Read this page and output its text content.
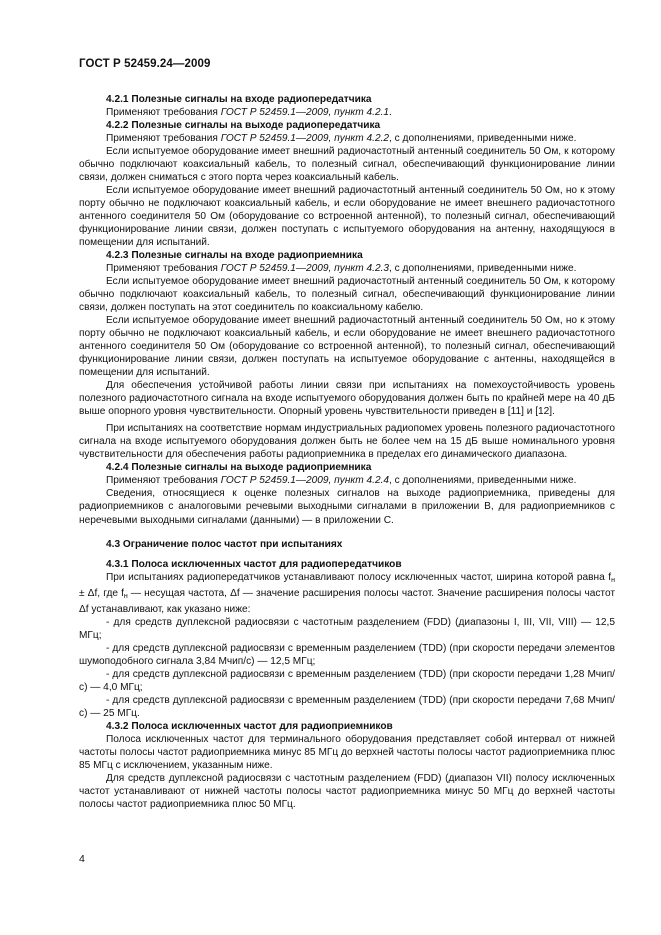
ГОСТ Р 52459.24—2009

4.2.1 Полезные сигналы на входе радиопередатчика

Применяют требования ГОСТ Р 52459.1—2009, пункт 4.2.1.

4.2.2 Полезные сигналы на выходе радиопередатчика

Применяют требования ГОСТ Р 52459.1—2009, пункт 4.2.2, с дополнениями, приведенными ниже.

Если испытуемое оборудование имеет внешний радиочастотный антенный соединитель 50 Ом, к которому обычно подключают коаксиальный кабель, то полезный сигнал, обеспечивающий функционирование линии связи, должен сниматься с этого порта через коаксиальный кабель.

Если испытуемое оборудование имеет внешний радиочастотный антенный соединитель 50 Ом, но к этому порту обычно не подключают коаксиальный кабель, и если оборудование не имеет внешнего радиочастотного антенного соединителя 50 Ом (оборудование со встроенной антенной), то полезный сигнал, обеспечивающий функционирование линии связи, должен поступать с испытуемого оборудования на антенну, находящуюся в помещении для испытаний.

4.2.3 Полезные сигналы на входе радиоприемника

Применяют требования ГОСТ Р 52459.1—2009, пункт 4.2.3, с дополнениями, приведенными ниже.

Если испытуемое оборудование имеет внешний радиочастотный антенный соединитель 50 Ом, к которому обычно подключают коаксиальный кабель, то полезный сигнал, обеспечивающий функционирование линии связи, должен поступать на этот соединитель по коаксиальному кабелю.

Если испытуемое оборудование имеет внешний радиочастотный антенный соединитель 50 Ом, но к этому порту обычно не подключают коаксиальный кабель, и если оборудование не имеет внешнего радиочастотного антенного соединителя 50 Ом (оборудование со встроенной антенной), то полезный сигнал, обеспечивающий функционирование линии связи, должен поступать на испытуемое оборудование с антенны, находящейся в помещении для испытаний.

Для обеспечения устойчивой работы линии связи при испытаниях на помехоустойчивость уровень полезного радиочастотного сигнала на входе испытуемого оборудования должен быть по крайней мере на 40 дБ выше опорного уровня чувствительности. Опорный уровень чувствительности приведен в [11] и [12].

При испытаниях на соответствие нормам индустриальных радиопомех уровень полезного радиочастотного сигнала на входе испытуемого оборудования должен быть не более чем на 15 дБ выше номинального уровня чувствительности для обеспечения работы радиоприемника в пределах его динамического диапазона.

4.2.4 Полезные сигналы на выходе радиоприемника

Применяют требования ГОСТ Р 52459.1—2009, пункт 4.2.4, с дополнениями, приведенными ниже.

Сведения, относящиеся к оценке полезных сигналов на выходе радиоприемника, приведены для радиоприемников с аналоговыми речевыми выходными сигналами в приложении В, для радиоприемников с неречевыми выходными сигналами (данными) — в приложении С.

4.3 Ограничение полос частот при испытаниях

4.3.1 Полоса исключенных частот для радиопередатчиков

При испытаниях радиопередатчиков устанавливают полосу исключенных частот, ширина которой равна fн ± Δf, где fн — несущая частота, Δf — значение расширения полосы частот. Значение расширения полосы частот Δf устанавливают, как указано ниже:

- для средств дуплексной радиосвязи с частотным разделением (FDD) (диапазоны I, III, VII, VIII) — 12,5 МГц;

- для средств дуплексной радиосвязи с временным разделением (TDD) (при скорости передачи элементов шумоподобного сигнала 3,84 Мчип/с) — 12,5 МГц;

- для средств дуплексной радиосвязи с временным разделением (TDD) (при скорости передачи 1,28 Мчип/с) — 4,0 МГц;

- для средств дуплексной радиосвязи с временным разделением (TDD) (при скорости передачи 7,68 Мчип/с) — 25 МГц.

4.3.2 Полоса исключенных частот для радиоприемников

Полоса исключенных частот для терминального оборудования представляет собой интервал от нижней частоты полосы частот радиоприемника минус 85 МГц до верхней частоты полосы частот радиоприемника плюс 85 МГц с исключением, указанным ниже.

Для средств дуплексной радиосвязи с частотным разделением (FDD) (диапазон VII) полосу исключенных частот устанавливают от нижней частоты полосы частот радиоприемника минус 50 МГц до верхней частоты полосы частот радиоприемника плюс 50 МГц.

4
